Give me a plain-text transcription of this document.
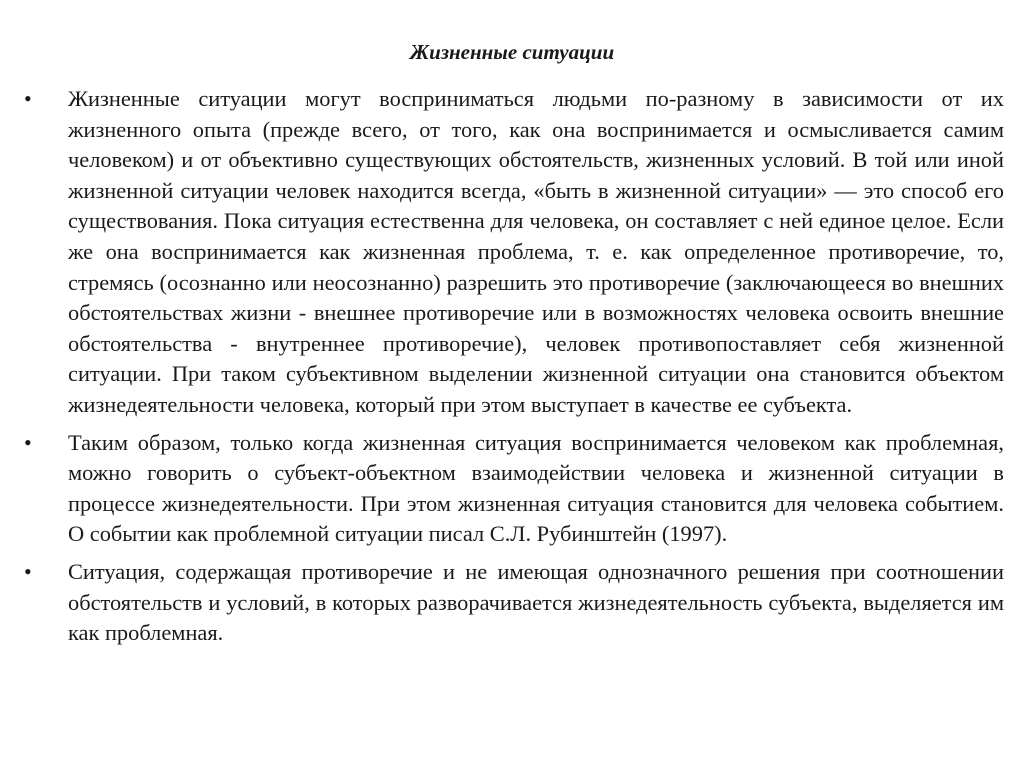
Жизненные ситуации
• Жизненные ситуации могут восприниматься людьми по-разному в зависимости от их жизненного опыта (прежде всего, от того, как она воспринимается и осмысливается самим человеком) и от объективно существующих обстоятельств, жизненных условий. В той или иной жизненной ситуации человек находится всегда, «быть в жизненной ситуации» — это способ его существования. Пока ситуация естественна для человека, он составляет с ней единое целое. Если же она воспринимается как жизненная проблема, т. е. как определенное противоречие, то, стремясь (осознанно или неосознанно) разрешить это противоречие (заключающееся во внешних обстоятельствах жизни - внешнее противоречие или в возможностях человека освоить внешние обстоятельства - внутреннее противоречие), человек противопоставляет себя жизненной ситуации. При таком субъективном выделении жизненной ситуации она становится объектом жизнедеятельности человека, который при этом выступает в качестве ее субъекта.
• Таким образом, только когда жизненная ситуация воспринимается человеком как проблемная, можно говорить о субъект-объектном взаимодействии человека и жизненной ситуации в процессе жизнедеятельности. При этом жизненная ситуация становится для человека событием. О событии как проблемной ситуации писал С.Л. Рубинштейн (1997).
• Ситуация, содержащая противоречие и не имеющая однозначного решения при соотношении обстоятельств и условий, в которых разворачивается жизнедеятельность субъекта, выделяется им как проблемная.
